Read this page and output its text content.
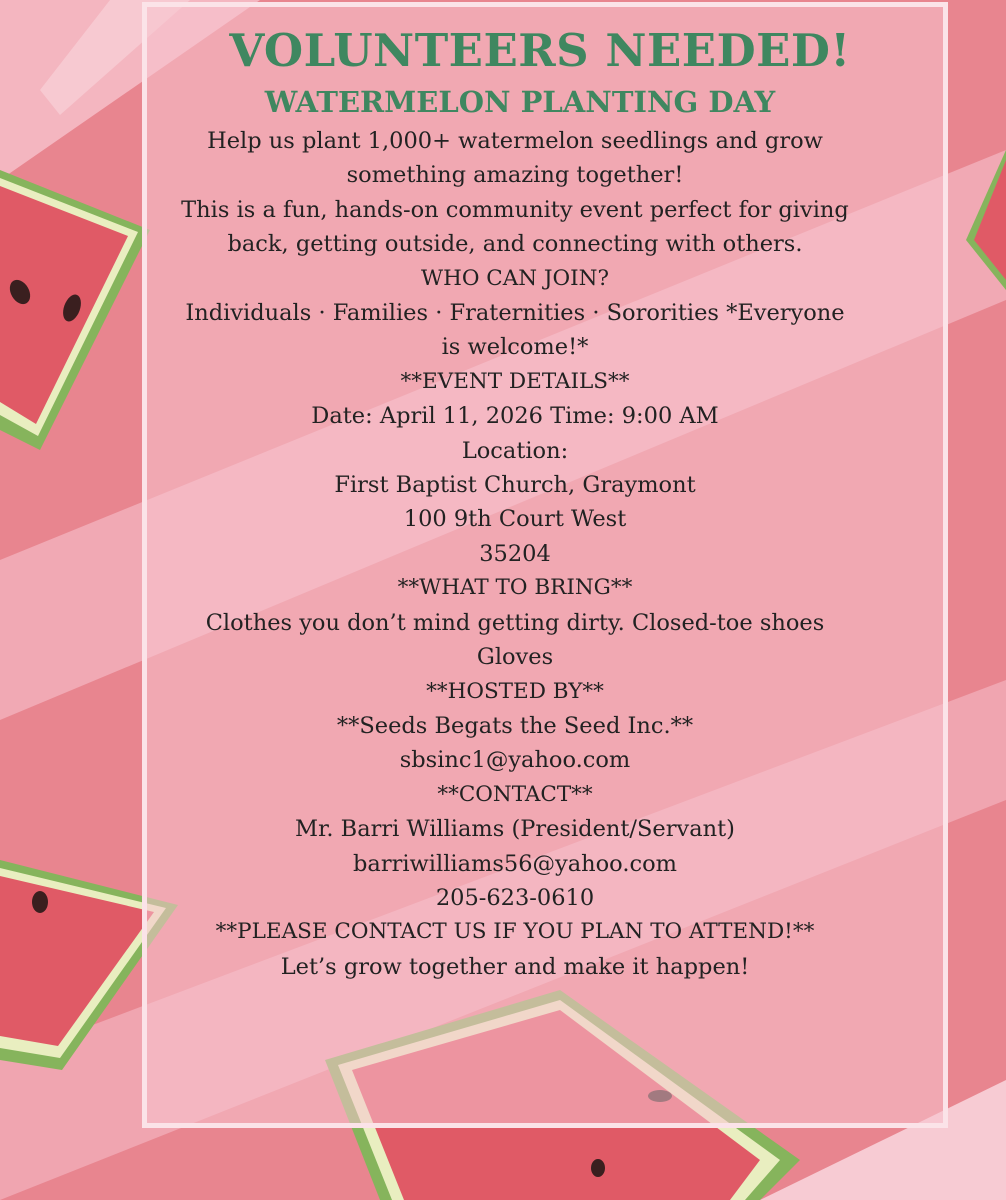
VOLUNTEERS NEEDED!
WATERMELON PLANTING DAY

Help us plant 1,000+ watermelon seedlings and grow

something amazing together!

This is a fun, hands-on community event perfect for giving

back, getting outside, and connecting with others.

WHO CAN JOIN?

Individuals · Families · Fraternities · Sororities *Everyone

is welcome!*

**EVENT DETAILS**

Date: April 11, 2026 Time: 9:00 AM

Location:

First Baptist Church, Graymont

100 9th Court West

35204

**WHAT TO BRING**

Clothes you don’t mind getting dirty. Closed-toe shoes

Gloves

**HOSTED BY**

**Seeds Begats the Seed Inc.**

sbsinc1@yahoo.com

**CONTACT**

Mr. Barri Williams (President/Servant)

barriwilliams56@yahoo.com

205-623-0610

**PLEASE CONTACT US IF YOU PLAN TO ATTEND!**

Let’s grow together and make it happen!
